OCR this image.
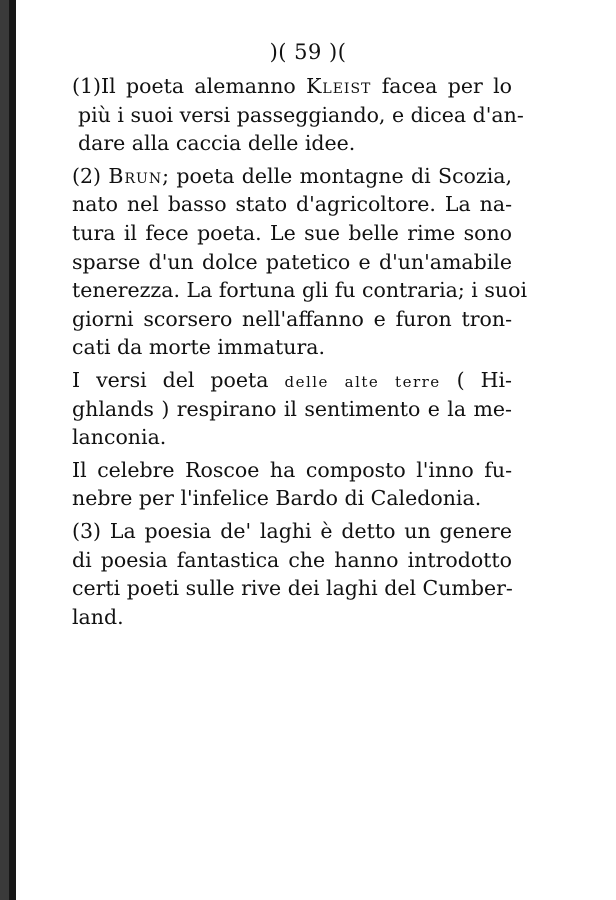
)( 59 )(
(1)Il poeta alemanno Kleist facea per lo
più i suoi versi passeggiando, e dicea d'an-
dare alla caccia delle idee.
(2) Brun; poeta delle montagne di Scozia,
nato nel basso stato d'agricoltore. La na-
tura il fece poeta. Le sue belle rime sono
sparse d'un dolce patetico e d'un'amabile
tenerezza. La fortuna gli fu contraria; i suoi
giorni scorsero nell'affanno e furon tron-
cati da morte immatura.
I versi del poeta delle alte terre ( Hi-
ghlands ) respirano il sentimento e la me-
lanconia.
Il celebre Roscoe ha composto l'inno fu-
nebre per l'infelice Bardo di Caledonia.
(3) La poesia de' laghi è detto un genere
di poesia fantastica che hanno introdotto
certi poeti sulle rive dei laghi del Cumber-
land.
